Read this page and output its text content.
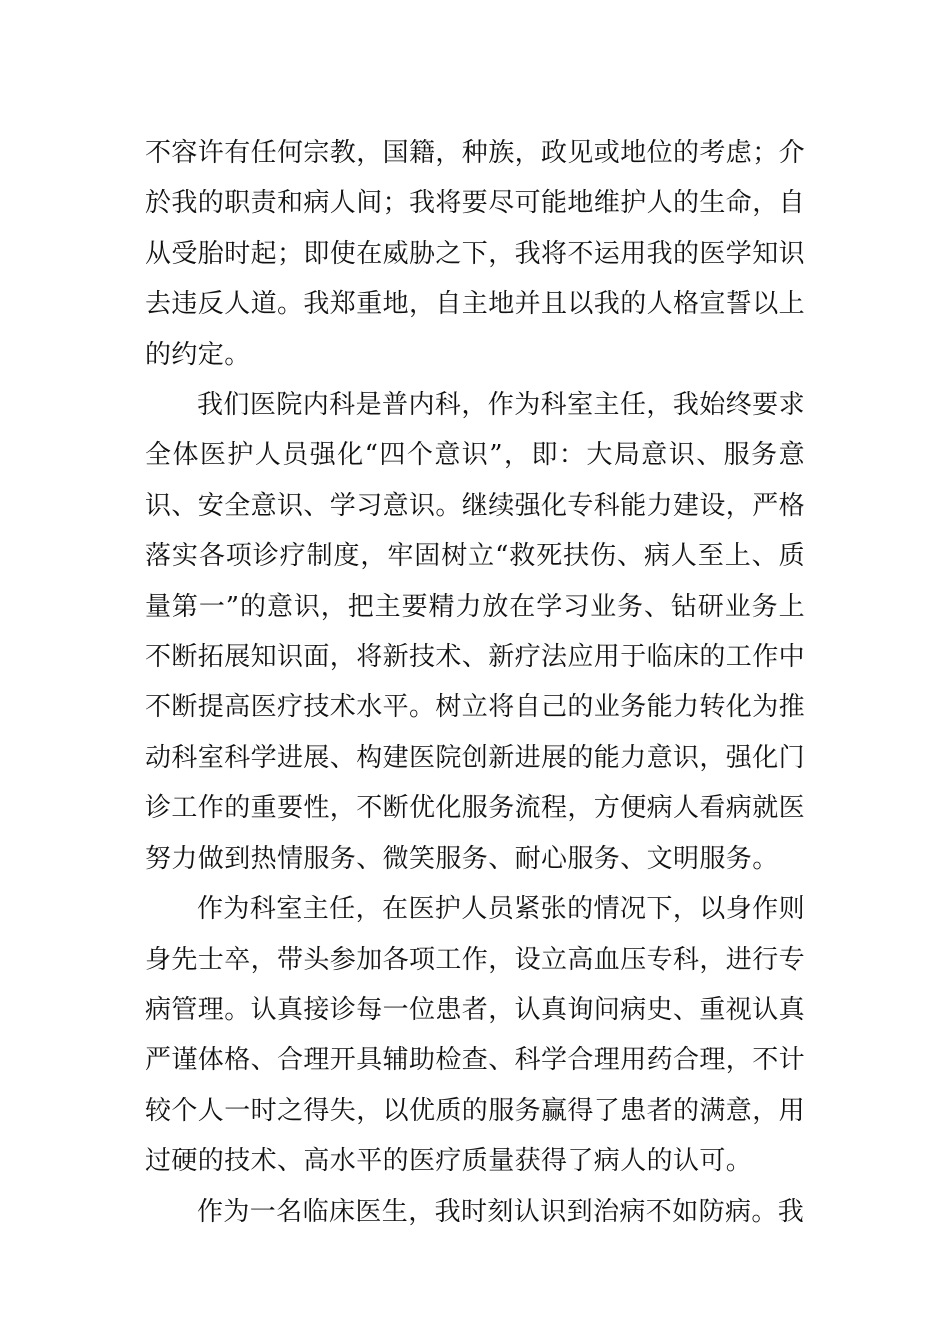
不容许有任何宗教，国籍，种族，政见或地位的考虑；介於我的职责和病人间；我将要尽可能地维护人的生命，自从受胎时起；即使在威胁之下，我将不运用我的医学知识去违反人道。我郑重地，自主地并且以我的人格宣誓以上的约定。

我们医院内科是普内科，作为科室主任，我始终要求全体医护人员强化“四个意识”，即：大局意识、服务意识、安全意识、学习意识。继续强化专科能力建设，严格落实各项诊疗制度，牢固树立“救死扶伤、病人至上、质量第一”的意识，把主要精力放在学习业务、钻研业务上不断拓展知识面，将新技术、新疗法应用于临床的工作中不断提高医疗技术水平。树立将自己的业务能力转化为推动科室科学进展、构建医院创新进展的能力意识，强化门诊工作的重要性，不断优化服务流程，方便病人看病就医努力做到热情服务、微笑服务、耐心服务、文明服务。

作为科室主任，在医护人员紧张的情况下，以身作则身先士卒，带头参加各项工作，设立高血压专科，进行专病管理。认真接诊每一位患者，认真询问病史、重视认真严谨体格、合理开具辅助检查、科学合理用药合理，不计较个人一时之得失，以优质的服务赢得了患者的满意，用过硬的技术、高水平的医疗质量获得了病人的认可。

作为一名临床医生，我时刻认识到治病不如防病。我
